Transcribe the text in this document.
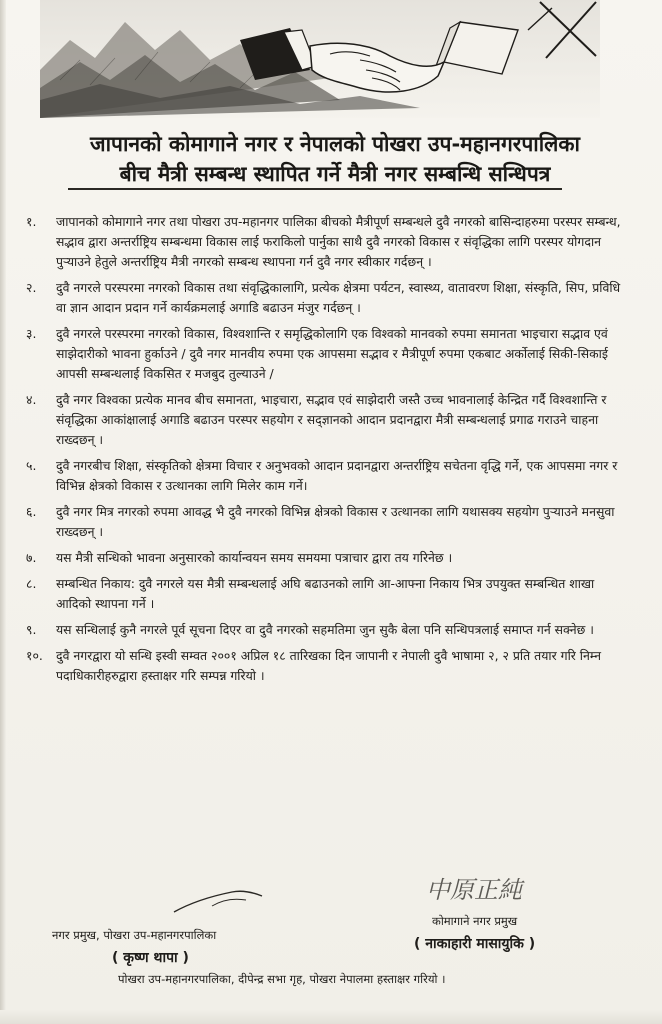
जापानको कोमागाने नगर र नेपालको पोखरा उप-महानगरपालिका
बीच मैत्री सम्बन्ध स्थापित गर्ने मैत्री नगर सम्बन्धि सन्धिपत्र
१.	जापानको कोमागाने नगर तथा पोखरा उप-महानगर पालिका बीचको मैत्रीपूर्ण सम्बन्धले दुवै नगरको बासिन्दाहरुमा परस्पर सम्बन्ध, सद्भाव द्वारा अन्तर्राष्ट्रिय सम्बन्धमा विकास लाई फराकिलो पार्नुका साथै दुवै नगरको विकास र संवृद्धिका लागि परस्पर योगदान पुऱ्याउने हेतुले अन्तर्राष्ट्रिय मैत्री नगरको सम्बन्ध स्थापना गर्न दुवै नगर स्वीकार गर्दछन् ।

२.	दुवै नगरले परस्परमा नगरको विकास तथा संवृद्धिकालागि, प्रत्येक क्षेत्रमा पर्यटन, स्वास्थ्य, वातावरण शिक्षा, संस्कृति, सिप, प्रविधि वा ज्ञान आदान प्रदान गर्ने कार्यक्रमलाई अगाडि बढाउन मंजुर गर्दछन् ।

३.	दुवै नगरले परस्परमा नगरको विकास, विश्वशान्ति र समृद्धिकोलागि एक विश्वको मानवको रुपमा समानता भाइचारा सद्भाव एवं साझेदारीको भावना हुर्काउने / दुवै नगर मानवीय रुपमा एक आपसमा सद्भाव र मैत्रीपूर्ण रुपमा एकबाट अर्कोलाई सिकी-सिकाई आपसी सम्बन्धलाई विकसित र मजबुद तुल्याउने /

४.	दुवै नगर विश्वका प्रत्येक मानव बीच समानता, भाइचारा, सद्भाव एवं साझेदारी जस्तै उच्च भावनालाई केन्द्रित गर्दै विश्वशान्ति र संवृद्धिका आकांक्षालाई अगाडि बढाउन परस्पर सहयोग र सद्ज्ञानको आदान प्रदानद्वारा मैत्री सम्बन्धलाई प्रगाढ गराउने चाहना राख्दछन् ।

५.	दुवै नगरबीच शिक्षा, संस्कृतिको क्षेत्रमा विचार र अनुभवको आदान प्रदानद्वारा अन्तर्राष्ट्रिय सचेतना वृद्धि गर्ने, एक आपसमा नगर र विभिन्न क्षेत्रको विकास र उत्थानका लागि मिलेर काम गर्ने।

६.	दुवै नगर मित्र नगरको रुपमा आवद्ध भै दुवै नगरको विभिन्न क्षेत्रको विकास र उत्थानका लागि यथासक्य सहयोग पुऱ्याउने मनसुवा राख्दछन् ।

७.	यस मैत्री सन्धिको भावना अनुसारको कार्यान्वयन समय समयमा पत्राचार द्वारा तय गरिनेछ ।

८.	सम्बन्धित निकाय: दुवै नगरले यस मैत्री सम्बन्धलाई अघि बढाउनको लागि आ-आफ्ना निकाय भित्र उपयुक्त सम्बन्धित शाखा आदिको स्थापना गर्ने ।

९.	यस सन्धिलाई कुनै नगरले पूर्व सूचना दिएर वा दुवै नगरको सहमतिमा जुन सुकै बेला पनि सन्धिपत्रलाई समाप्त गर्न सक्नेछ ।

१०.	दुवै नगरद्वारा यो सन्धि इस्वी सम्वत २००१ अप्रिल १८ तारिखका दिन जापानी र नेपाली दुवै भाषामा २, २ प्रति तयार गरि निम्न पदाधिकारीहरुद्वारा हस्ताक्षर गरि सम्पन्न गरियो ।

中原正純
नगर प्रमुख, पोखरा उप-महानगरपालिका
( कृष्ण थापा )
कोमागाने नगर प्रमुख
( नाकाहारी मासायुकि )
पोखरा उप-महानगरपालिका, दीपेन्द्र सभा गृह, पोखरा नेपालमा हस्ताक्षर गरियो ।
